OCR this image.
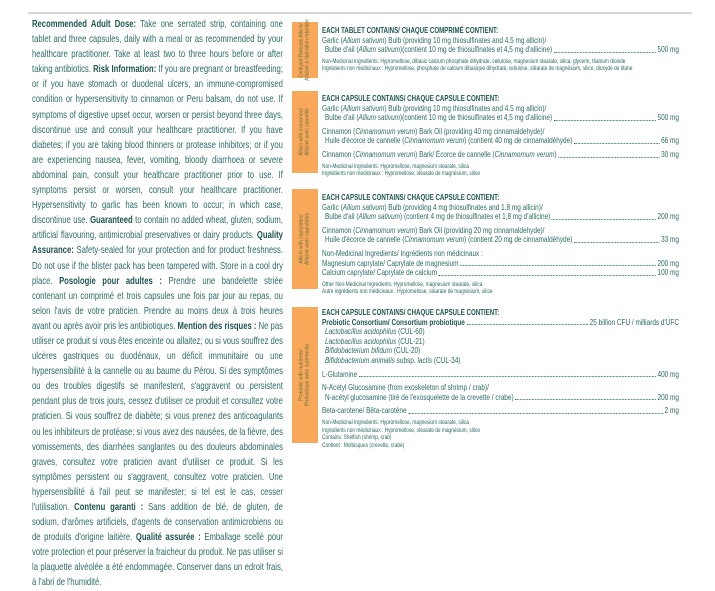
Recommended Adult Dose: Take one serrated strip, containing one tablet and three capsules, daily with a meal or as recommended by your healthcare practitioner. Take at least two to three hours before or after taking antibiotics. Risk Information: If you are pregnant or breastfeeding; or if you have stomach or duodenal ulcers, an immune-compromised condition or hypersensitivity to cinnamon or Peru balsam, do not use. If symptoms of digestive upset occur, worsen or persist beyond three days, discontinue use and consult your healthcare practitioner. If you have diabetes; if you are taking blood thinners or protease inhibitors; or if you are experiencing nausea, fever, vomiting, bloody diarrhoea or severe abdominal pain, consult your healthcare practitioner prior to use. If symptoms persist or worsen, consult your healthcare practitioner. Hypersensitivity to garlic has been known to occur; in which case, discontinue use. Guaranteed to contain no added wheat, gluten, sodium, artificial flavouring, antimicrobial preservatives or dairy products. Quality Assurance: Safety-sealed for your protection and for product freshness. Do not use if the blister pack has been tampered with. Store in a cool dry place. Posologie pour adultes : Prendre une bandelette striée contenant un comprimé et trois capsules une fois par jour au repas, ou selon l'avis de votre praticien. Prendre au moins deux à trois heures avant ou après avoir pris les antibiotiques. Mention des risques : Ne pas utiliser ce produit si vous êtes enceinte ou allaitez; ou si vous souffrez des ulcères gastriques ou duodénaux, un déficit immunitaire ou une hypersensibilité à la cannelle ou au baume du Pérou. Si des symptômes ou des troubles digestifs se manifestent, s'aggravent ou persistent pendant plus de trois jours, cessez d'utiliser ce produit et consultez votre praticien. Si vous souffrez de diabète; si vous prenez des anticoagulants ou les inhibiteurs de protéase; si vous avez des nausées, de la fièvre, des vomissements, des diarrhées sanglantes ou des douleurs abdominales graves, consultez votre praticien avant d'utiliser ce produit. Si les symptômes persistent ou s'aggravent, consultez votre praticien. Une hypersensibilité à l'ail peut se manifester; si tel est le cas, cesser l'utilisation. Contenu garanti : Sans addition de blé, de gluten, de sodium, d'arômes artificiels, d'agents de conservation antimicrobiens ou de produits d'origine laitière. Qualité assurée : Emballage scellé pour votre protection et pour préserver la fraicheur du produit. Ne pas utiliser si la plaquette alvéolée a été endommagée. Conserver dans un edroit frais, à l'abri de l'humidité.
Delayed Release Allicin/ Allicine à libération retardée EACH TABLET CONTAINS/ CHAQUE COMPRIMÉ CONTIENT:
Garlic (Allium sativum) Bulb (providing 10 mg thiosulfinates and 4.5 mg allicin)/
Bulbe d'ail (Allium sativum)(contient 10 mg de thiosulfinates et 4,5 mg d'allicine)	500 mg
Non-Medicinal Ingredients: Hypromellose, dibasic calcium phosphate dihydrate, cellulose, magnesium stearate, silica, glycerin, titanium dioxide
Ingrédients non médicinaux : Hypromellose, phosphate de calcium dibasique dihydraté, cellulose, stéarate de magnésium, silice, dioxyde de titane
Allicin with cinnamon/ Allicine avec cannelle
EACH CAPSULE CONTAINS/ CHAQUE CAPSULE CONTIENT:
Garlic (Allium sativum) Bulb (providing 10 mg thiosulfinates and 4.5 mg allicin)/
Bulbe d'ail (Allium sativum)(contient 10 mg de thiosulfinates et 4,5 mg d'allicine)	500 mg
Cinnamon (Cinnamomum verum) Bark Oil (providing 40 mg cinnamaldehyde)/
Huile d'écorce de cannelle (Cinnamomum verum) (contient 40 mg de cinnamaldéhyde)	66 mg
Cinnamon (Cinnamomum verum) Bark/ Écorce de cannelle (Cinnamomum verum)	30 mg
Non-Medicinal Ingredients: Hypromellose, magnesium stearate, silica
Ingrédients non médicinaux : Hypromellose, stéarate de magnésium, silice
Allicin with caprylates/ Allicine avec caprylates
EACH CAPSULE CONTAINS/ CHAQUE CAPSULE CONTIENT:
Garlic (Allium sativum) Bulb (providing 4 mg thiosulfinates and 1.8 mg allicin)/
Bulbe d'ail (Allium sativum) (contient 4 mg de thiosulfinates et 1,8 mg d'allicine)	200 mg
Cinnamon (Cinnamomum verum) Bark Oil (providing 20 mg cinnamaldehyde)/
Huile d'écorce de cannelle (Cinnamomum verum) (contient 20 mg de cinnamaldéhyde)	33 mg
Non-Medicinal Ingredients/ Ingrédients non médicinaux :
Magnesium caprylate/ Caprylate de magnesium	200 mg
Calcium caprylate/ Caprylate de calcium	100 mg
Other Non-Medicinal Ingredients: Hypromellose, magnesium stearate, silica
Autre ingrédients non médicinaux : Hypromellose, stéarate de magnésium, silice
Probiotic with nutrients/ Probiotique avec nutriments
EACH CAPSULE CONTAINS/ CHAQUE CAPSULE CONTIENT:
Probiotic Consortium/ Consortium probiotique	25 billion CFU / milliards d'UFC
Lactobacillus acidophilus (CUL-60)
Lactobacillus acidophilus (CUL-21)
Bifidobacterium bifidum (CUL-20)
Bifidobacterium animalis subsp. lactis (CUL-34)
L-Glutamine	400 mg
N-Acetyl Glucosamine (from exoskeleton of shrimp / crab)/
N-acétyl glucosamine (tiré de l'exosquelette de la crevette / crabe)	200 mg
Beta-carotene/ Bêta-carotène	2 mg
Non-Medicinal Ingredients: Hypromellose, magnesium stearate, silica
Ingrédients non médicinaux : Hypromellose, stéarate de magnésium, silice
Contains: Shelfish (shrimp, crab)
Contient : Mollusques (crevette, crabe)
